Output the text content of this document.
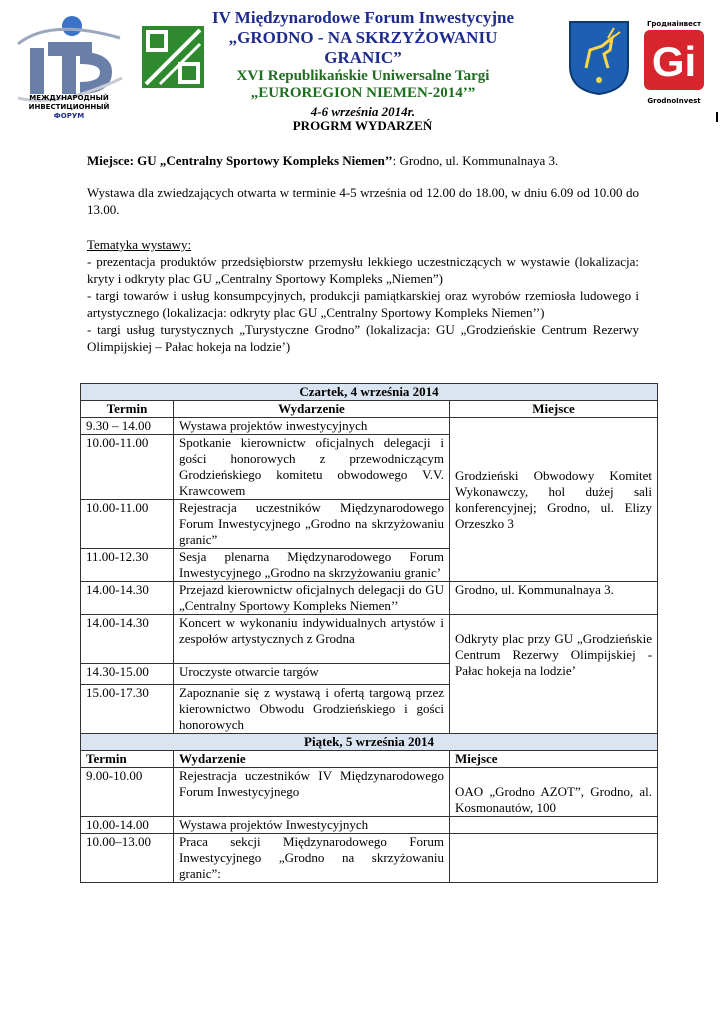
МЕЖДУНАРОДНЫЙ
ИНВЕСТИЦИОННЫЙ
ФОРУМ
IV Międzynarodowe Forum Inwestycyjne
„GRODNO - NA SKRZYŻOWANIU GRANIC”
XVI Republikańskie Uniwersalne Targi
„EUROREGION NIEMEN-2014’”
4-6 września 2014r.
Гроднаiнвест
Gi
GrodnoInvest
PROGRM WYDARZEŃ
Miejsce: GU „Centralny Sportowy Kompleks Niemen’’: Grodno, ul. Kommunalnaya 3.
Wystawa dla zwiedzających otwarta w terminie 4-5 września od 12.00 do 18.00, w dniu 6.09 od 10.00 do 13.00.
Tematyka wystawy:
- prezentacja produktów przedsiębiorstw przemysłu lekkiego uczestniczących w wystawie (lokalizacja: kryty i odkryty plac GU „Centralny Sportowy Kompleks „Niemen”)
- targi towarów i usług konsumpcyjnych, produkcji pamiątkarskiej oraz wyrobów rzemiosła ludowego i artystycznego (lokalizacja: odkryty plac GU „Centralny Sportowy Kompleks Niemen’’)
- targi usług turystycznych „Turystyczne Grodno” (lokalizacja: GU „Grodzieńskie Centrum Rezerwy Olimpijskiej – Pałac hokeja na lodzie’)
Czartek, 4 września 2014		
Termin	Wydarzenie	Miejsce
9.30 – 14.00	Wystawa projektów inwestycyjnych	Grodzieński Obwodowy Komitet Wykonawczy, hol dużej sali konferencyjnej; Grodno, ul. Elizy Orzeszko 3
10.00-11.00	Spotkanie kierownictw oficjalnych delegacji i gości honorowych z przewodniczącym Grodzieńskiego komitetu obwodowego V.V. Krawcowem	
10.00-11.00	Rejestracja uczestników Międzynarodowego Forum Inwestycyjnego „Grodno na skrzyżowaniu granic”	
11.00-12.30	Sesja plenarna Międzynarodowego Forum Inwestycyjnego „Grodno na skrzyżowaniu granic’	
14.00-14.30	Przejazd kierownictw oficjalnych delegacji do GU „Centralny Sportowy Kompleks Niemen’’	Grodno, ul. Kommunalnaya 3.
14.00-14.30	Koncert w wykonaniu indywidualnych artystów i zespołów artystycznych z Grodna	Odkryty plac przy GU „Grodzieńskie Centrum Rezerwy Olimpijskiej - Pałac hokeja na lodzie’
14.30-15.00	Uroczyste otwarcie targów	
15.00-17.30	Zapoznanie się z wystawą i ofertą targową przez kierownictwo Obwodu Grodzieńskiego i gości honorowych	
Piątek, 5 września 2014		
Termin	Wydarzenie	Miejsce
9.00-10.00	Rejestracja uczestników IV Międzynarodowego Forum Inwestycyjnego	OAO „Grodno AZOT”, Grodno, al. Kosmonautów, 100
10.00-14.00	Wystawa projektów Inwestycyjnych	
10.00–13.00	Praca sekcji Międzynarodowego Forum Inwestycyjnego „Grodno na skrzyżowaniu granic”:	
